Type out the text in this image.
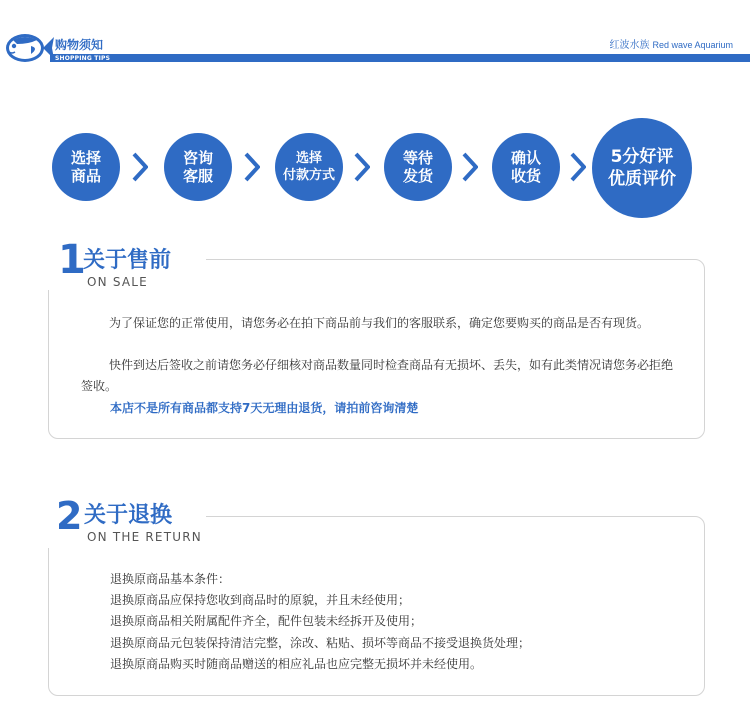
购物须知
SHOPPING TIPS
红波水族 Red wave Aquarium
选择
商品
咨询
客服
选择
付款方式
等待
发货
确认
收货
5分好评
优质评价
1
关于售前
ON SALE
为了保证您的正常使用，请您务必在拍下商品前与我们的客服联系，确定您要购买的商品是否有现货。
快件到达后签收之前请您务必仔细核对商品数量同时检查商品有无损坏、丢失，如有此类情况请您务必拒绝签收。
本店不是所有商品都支持7天无理由退货，请拍前咨询清楚
2 关于退换
ON THE RETURN
退换原商品基本条件：
退换原商品应保持您收到商品时的原貌，并且未经使用；
退换原商品相关附属配件齐全，配件包装未经拆开及使用；
退换原商品元包装保持清洁完整，涂改、粘贴、损坏等商品不接受退换货处理；
退换原商品购买时随商品赠送的相应礼品也应完整无损坏并未经使用。
